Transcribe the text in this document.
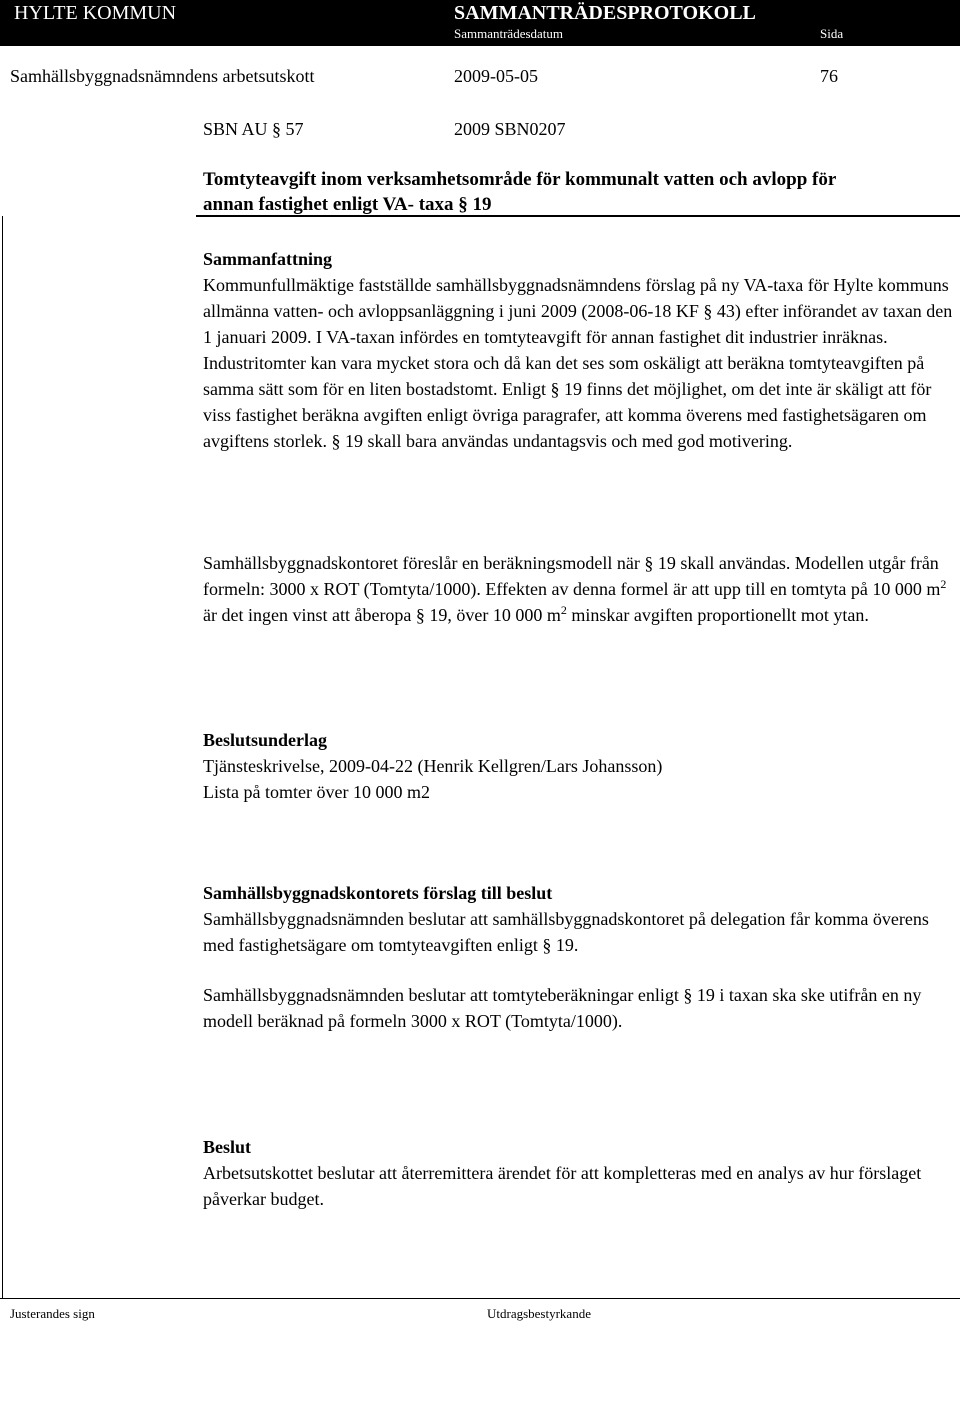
HYLTE KOMMUN	SAMMANTRÄDESPROTOKOLL
Sammanträdesdatum	Sida
Samhällsbyggnadsnämndens arbetsutskott	2009-05-05	76
SBN AU § 57	2009 SBN0207
Tomtyteavgift inom verksamhetsområde för kommunalt vatten och avlopp för
annan fastighet enligt VA- taxa § 19
Sammanfattning

Kommunfullmäktige fastställde samhällsbyggnadsnämndens förslag på ny VA-taxa för Hylte kommuns allmänna vatten- och avloppsanläggning i juni 2009 (2008-06-18 KF § 43) efter införandet av taxan den 1 januari 2009. I VA-taxan infördes en tomtyteavgift för annan fastighet dit industrier inräknas. Industritomter kan vara mycket stora och då kan det ses som oskäligt att beräkna tomtyteavgiften på samma sätt som för en liten bostadstomt. Enligt § 19 finns det möjlighet, om det inte är skäligt att för viss fastighet beräkna avgiften enligt övriga paragrafer, att komma överens med fastighetsägaren om avgiftens storlek. § 19 skall bara användas undantagsvis och med god motivering.

Samhällsbyggnadskontoret föreslår en beräkningsmodell när § 19 skall användas. Modellen utgår från formeln: 3000 x ROT (Tomtyta/1000). Effekten av denna formel är att upp till en tomtyta på 10 000 $m^2$ är det ingen vinst att åberopa § 19, över 10 000 $m^2$ minskar avgiften proportionellt mot ytan.

Beslutsunderlag
Tjänsteskrivelse, 2009-04-22 (Henrik Kellgren/Lars Johansson)
Lista på tomter över 10 000 m2
Samhällsbyggnadskontorets förslag till beslut

Samhällsbyggnadsnämnden beslutar att samhällsbyggnadskontoret på delegation får komma överens med fastighetsägare om tomtyteavgiften enligt § 19.

Samhällsbyggnadsnämnden beslutar att tomtyteberäkningar enligt § 19 i taxan ska ske utifrån en ny modell beräknad på formeln 3000 x ROT (Tomtyta/1000).

Beslut

Arbetsutskottet beslutar att återremittera ärendet för att kompletteras med en analys av hur förslaget påverkar budget.

Justerandes sign	Utdragsbestyrkande
